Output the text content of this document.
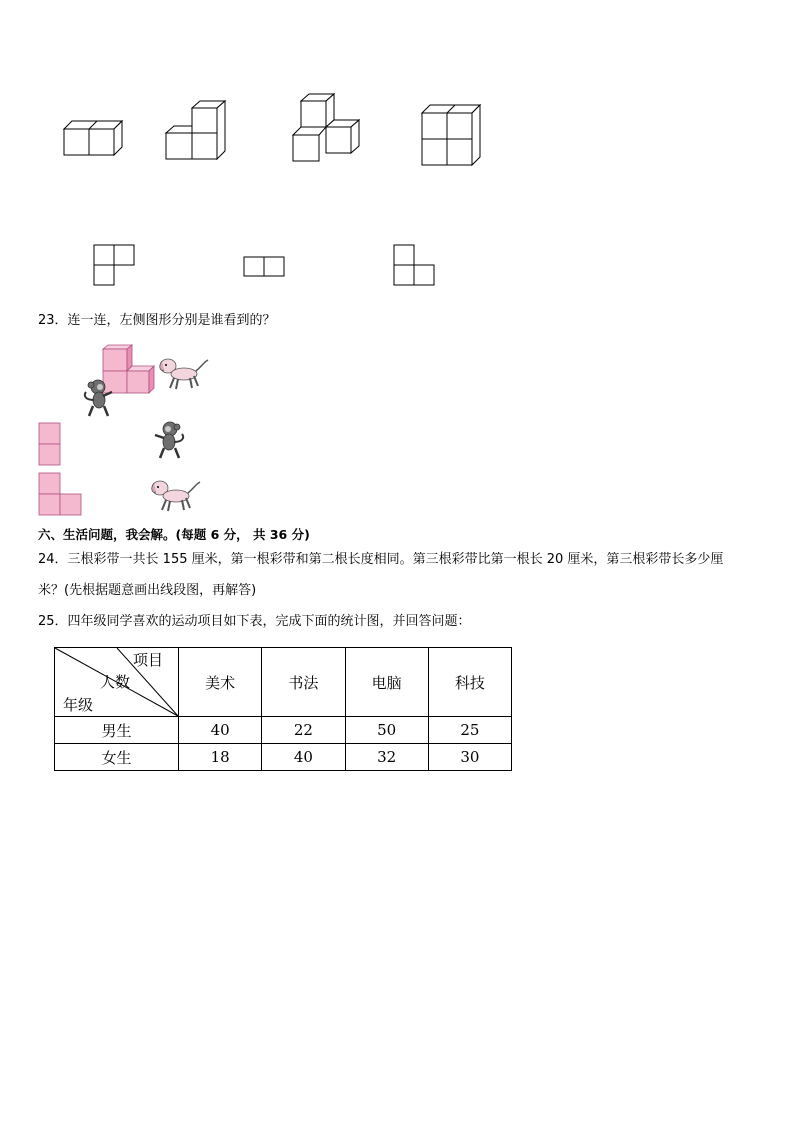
23．连一连，左侧图形分别是谁看到的？
六、生活问题，我会解。(每题 6 分， 共 36 分)
24．三根彩带一共长 155 厘米，第一根彩带和第二根长度相同。第三根彩带比第一根长 20 厘米，第三根彩带长多少厘
米？(先根据题意画出线段图，再解答)
25．四年级同学喜欢的运动项目如下表，完成下面的统计图，并回答问题：
项目
人数
年级	美术	书法	电脑	科技
男生	40	22	50	25
女生	18	40	32	30
